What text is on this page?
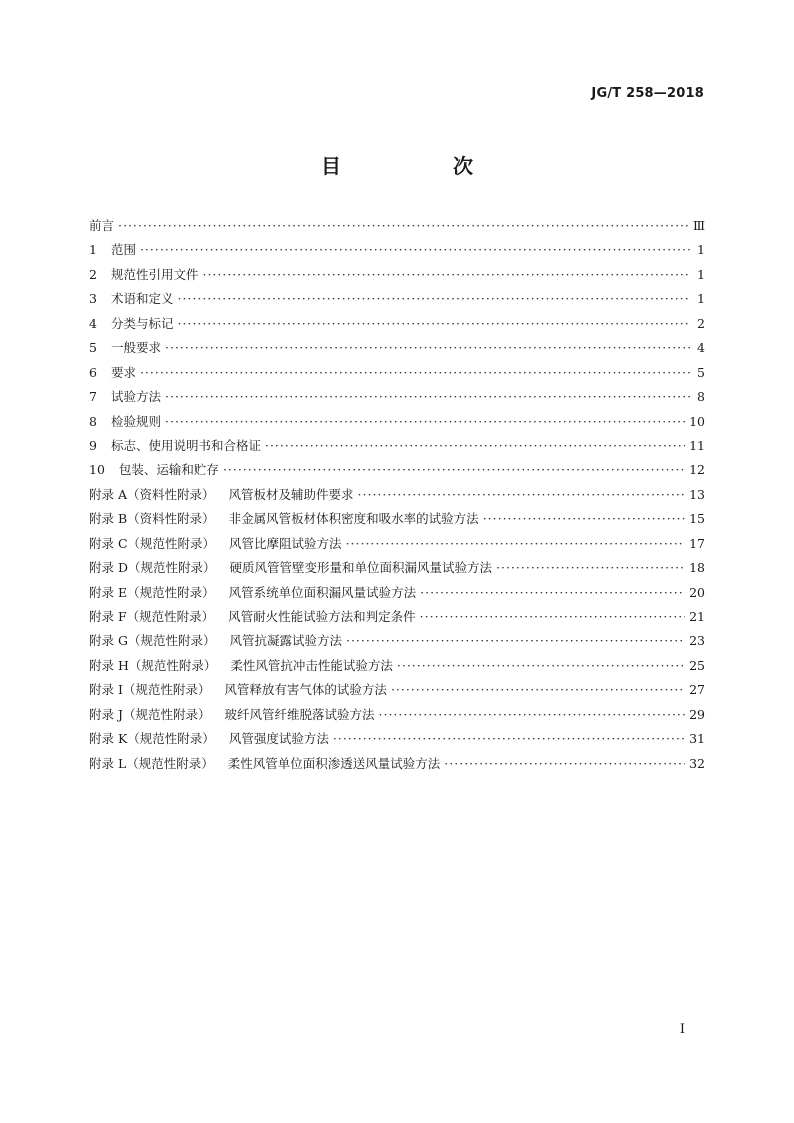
JG/T 258—2018
目　次
前言 ·····	Ⅲ
1 范围 ·····	1
2 规范性引用文件 ·····	1
3 术语和定义 ·····	1
4 分类与标记 ·····	2
5 一般要求 ·····	4
6 要求 ·····	5
7 试验方法 ·····	8
8 检验规则 ·····	10
9 标志、使用说明书和合格证 ·····	11
10 包装、运输和贮存 ·····	12
附录 A（资料性附录） 风管板材及辅助件要求 ·····	13
附录 B（资料性附录） 非金属风管板材体积密度和吸水率的试验方法 ·····	15
附录 C（规范性附录） 风管比摩阻试验方法 ·····	17
附录 D（规范性附录） 硬质风管管壁变形量和单位面积漏风量试验方法 ·····	18
附录 E（规范性附录） 风管系统单位面积漏风量试验方法 ·····	20
附录 F（规范性附录） 风管耐火性能试验方法和判定条件 ·····	21
附录 G（规范性附录） 风管抗凝露试验方法 ·····	23
附录 H（规范性附录） 柔性风管抗冲击性能试验方法 ·····	25
附录 I（规范性附录） 风管释放有害气体的试验方法 ·····	27
附录 J（规范性附录） 玻纤风管纤维脱落试验方法 ·····	29
附录 K（规范性附录） 风管强度试验方法 ·····	31
附录 L（规范性附录） 柔性风管单位面积渗透送风量试验方法 ·····	32
I
